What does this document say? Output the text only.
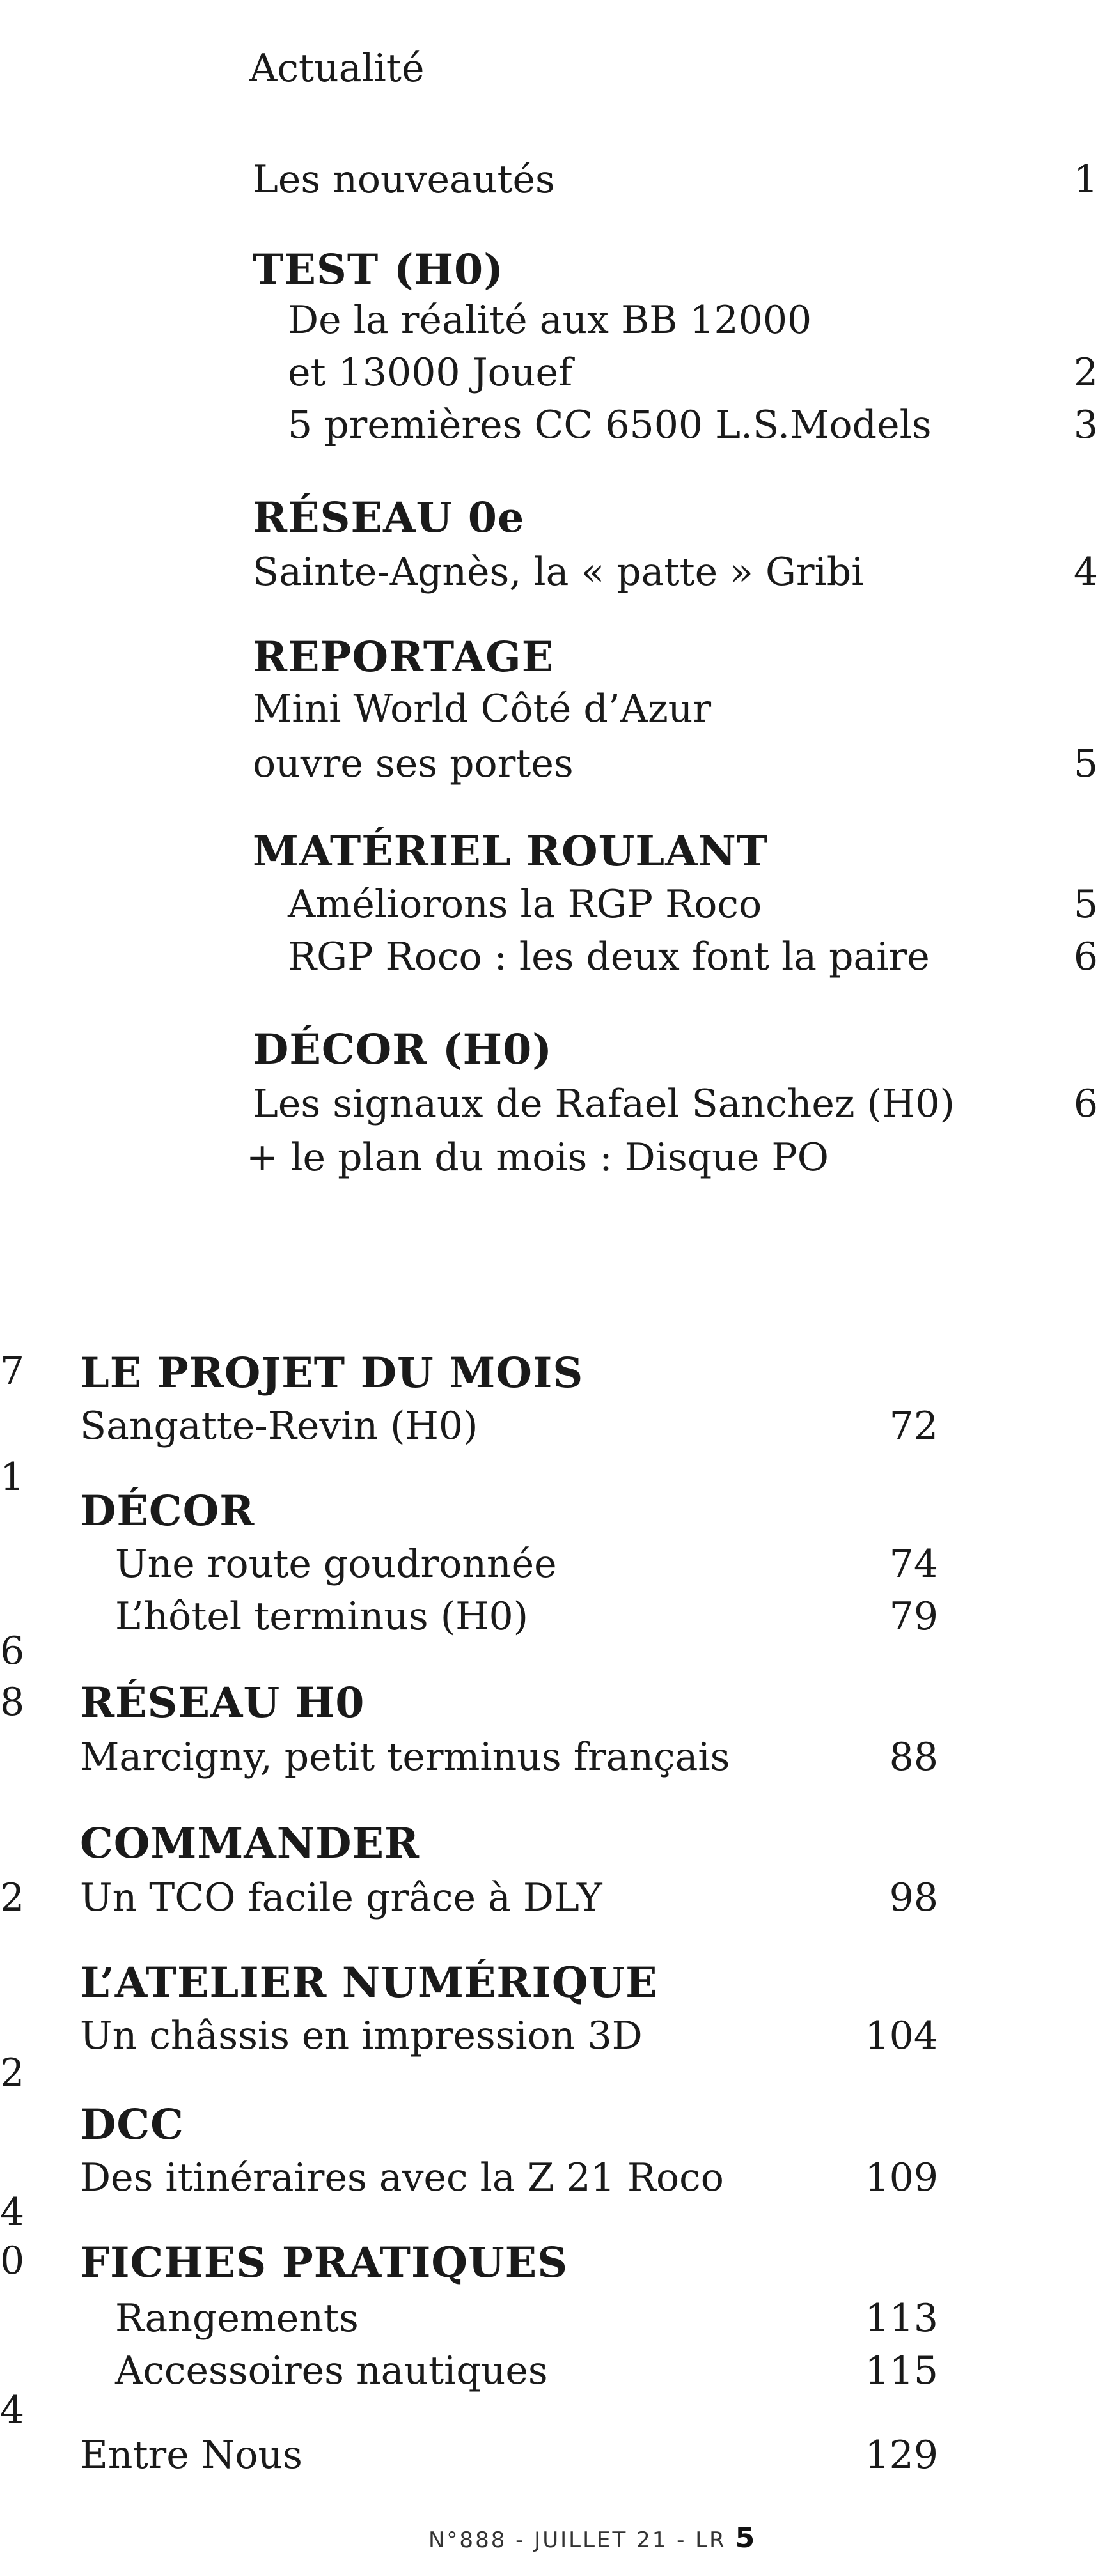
Actualité

Les nouveautés	1

TEST (H0)

De la réalité aux BB 12000

et 13000 Jouef	2

5 premières CC 6500 L.S.Models	3

RÉSEAU 0e

Sainte-Agnès, la « patte » Gribi	4

REPORTAGE

Mini World Côté d’Azur

ouvre ses portes	5

MATÉRIEL ROULANT

Améliorons la RGP Roco	5

RGP Roco : les deux font la paire	6

DÉCOR (H0)

Les signaux de Rafael Sanchez (H0)	6

+ le plan du mois : Disque PO

7

1

6

8

2

2

4

0

4

LE PROJET DU MOIS

Sangatte-Revin (H0)	72

DÉCOR

Une route goudronnée	74

L’hôtel terminus (H0)	79

RÉSEAU H0

Marcigny, petit terminus français	88

COMMANDER

Un TCO facile grâce à DLY	98

L’ATELIER NUMÉRIQUE

Un châssis en impression 3D	104

DCC

Des itinéraires avec la Z 21 Roco	109

FICHES PRATIQUES

Rangements	113

Accessoires nautiques	115

Entre Nous	129

N°888 - JUILLET 21 - LR 5
